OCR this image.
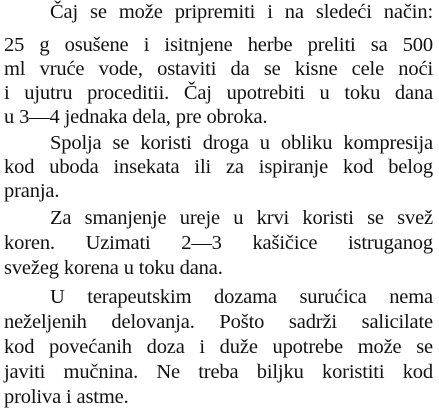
Čaj se može pripremiti i na sledeći način:
25 g osušene i isitnjene herbe preliti sa 500
ml vruće vode, ostaviti da se kisne cele noći
i ujutru proceditii. Čaj upotrebiti u toku dana
u 3—4 jednaka dela, pre obroka.
Spolja se koristi droga u obliku kompresija
kod uboda insekata ili za ispiranje kod belog
pranja.
Za smanjenje ureje u krvi koristi se svež
koren. Uzimati 2—3 kašičice istruganog
svežeg korena u toku dana.
U terapeutskim dozama surućica nema
neželjenih delovanja. Pošto sadrži salicilate
kod povećanih doza i duže upotrebe može se
javiti mučnina. Ne treba biljku koristiti kod
proliva i astme.
